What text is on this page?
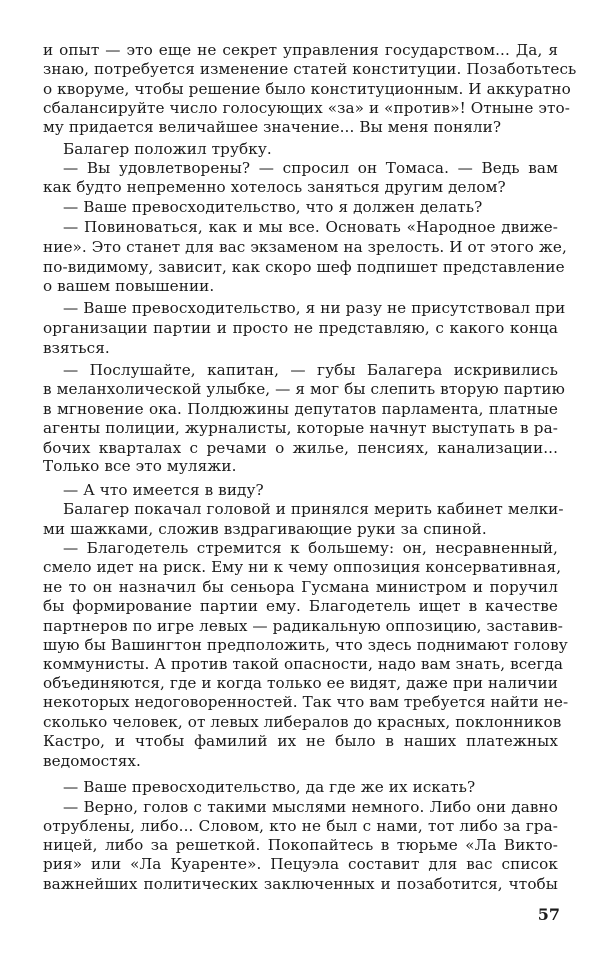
и опыт — это еще не секрет управления государством... Да, я
знаю, потребуется изменение статей конституции. Позаботьтесь
о кворуме, чтобы решение было конституционным. И аккуратно
сбалансируйте число голосующих «за» и «против»! Отныне это-
му придается величайшее значение... Вы меня поняли?
Балагер положил трубку.
— Вы удовлетворены? — спросил он Томаса. — Ведь вам
как будто непременно хотелось заняться другим делом?
— Ваше превосходительство, что я должен делать?
— Повиноваться, как и мы все. Основать «Народное движе-
ние». Это станет для вас экзаменом на зрелость. И от этого же,
по-видимому, зависит, как скоро шеф подпишет представление
о вашем повышении.
— Ваше превосходительство, я ни разу не присутствовал при
организации партии и просто не представляю, с какого конца
взяться.
— Послушайте, капитан, — губы Балагера искривились
в меланхолической улыбке, — я мог бы слепить вторую партию
в мгновение ока. Полдюжины депутатов парламента, платные
агенты полиции, журналисты, которые начнут выступать в ра-
бочих кварталах с речами о жилье, пенсиях, канализации...
Только все это муляжи.
— А что имеется в виду?
Балагер покачал головой и принялся мерить кабинет мелки-
ми шажками, сложив вздрагивающие руки за спиной.
— Благодетель стремится к большему: он, несравненный,
смело идет на риск. Ему ни к чему оппозиция консервативная,
не то он назначил бы сеньора Гусмана министром и поручил
бы формирование партии ему. Благодетель ищет в качестве
партнеров по игре левых — радикальную оппозицию, заставив-
шую бы Вашингтон предположить, что здесь поднимают голову
коммунисты. А против такой опасности, надо вам знать, всегда
объединяются, где и когда только ее видят, даже при наличии
некоторых недоговоренностей. Так что вам требуется найти не-
сколько человек, от левых либералов до красных, поклонников
Кастро, и чтобы фамилий их не было в наших платежных
ведомостях.
— Ваше превосходительство, да где же их искать?
— Верно, голов с такими мыслями немного. Либо они давно
отрублены, либо... Словом, кто не был с нами, тот либо за гра-
ницей, либо за решеткой. Покопайтесь в тюрьме «Ла Викто-
рия» или «Ла Куаренте». Пецуэла составит для вас список
важнейших политических заключенных и позаботится, чтобы
57
